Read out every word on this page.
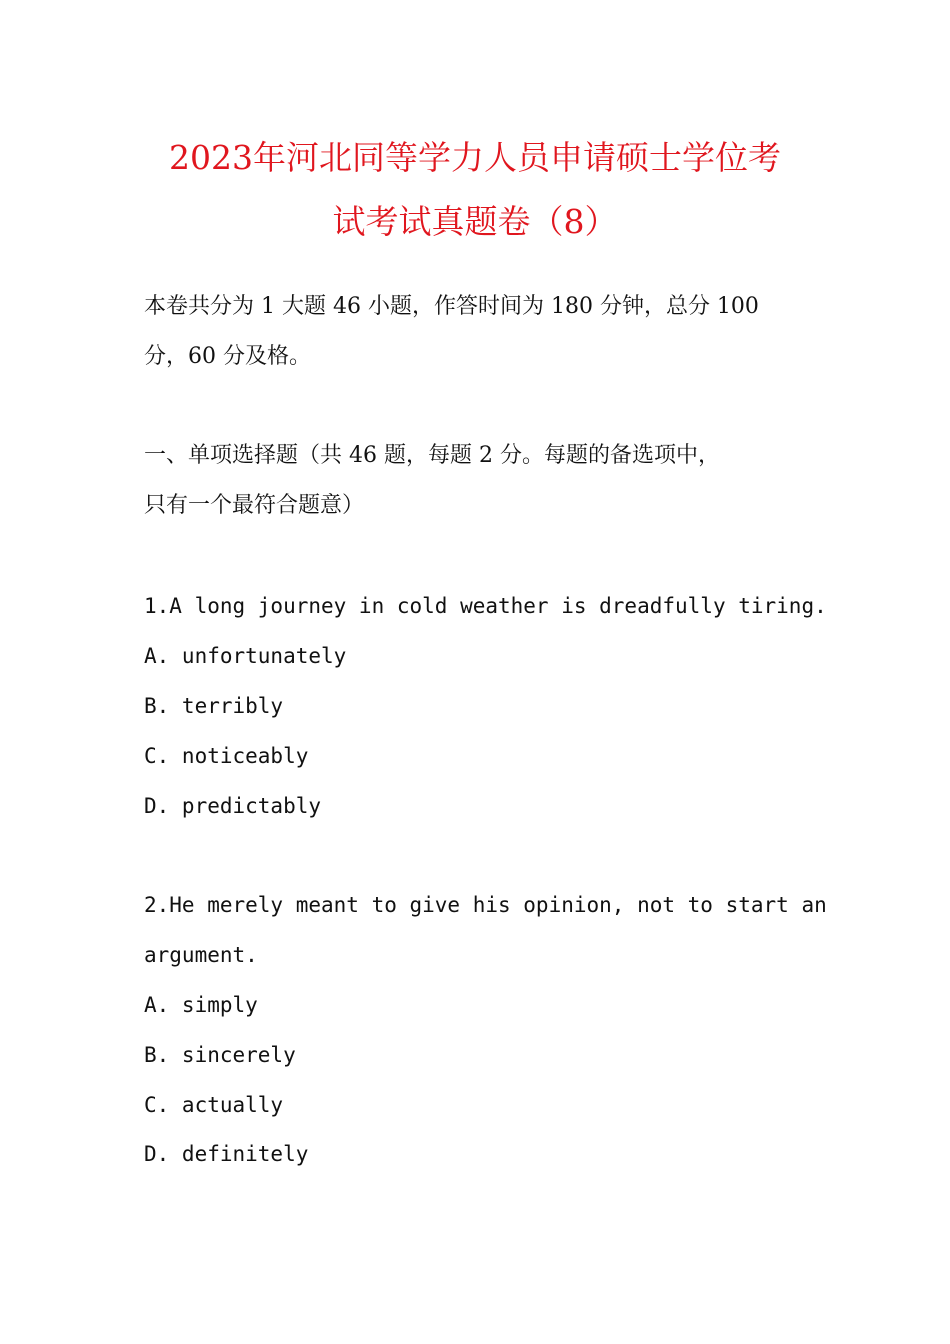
2023年河北同等学力人员申请硕士学位考
试考试真题卷（8）
本卷共分为 1 大题 46 小题，作答时间为 180 分钟，总分 100
分，60 分及格。
一、单项选择题（共 46 题，每题 2 分。每题的备选项中，
只有一个最符合题意）
1.A long journey in cold weather is dreadfully tiring.
A. unfortunately
B. terribly
C. noticeably
D. predictably
2.He merely meant to give his opinion, not to start an
argument.
A. simply
B. sincerely
C. actually
D. definitely
